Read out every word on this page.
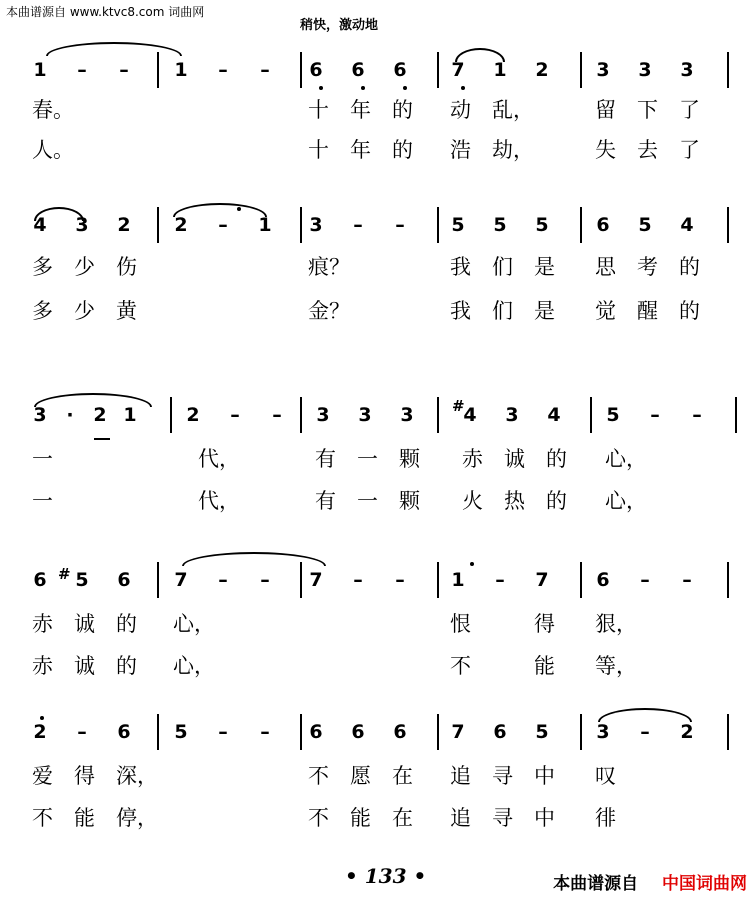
本曲谱源自 www.ktvc8.com 词曲网
稍快，激动地
1 – – 1 – – 6 6 6 7 1 2	3 3 3
春。	十 年 的 动 乱，	留 下 了
人。	十 年 的 浩 劫，	失 去 了
4 3 2 2 – 1 3 – – 5 5 5	6 5 4
多 少 伤	痕？	我 们 是 思 考 的
多 少 黄	金？	我 们 是 觉 醒 的
3 · 2 1	2 – – 3 3 3	4 3 4 5 – –
一	代，	有 一 颗 赤 诚 的 心，
一	代，	有 一 颗 火 热 的 心，
6 5 6 7 – – 7 – – 1 – 7	6 – –
赤 诚 的 心，	恨	得 狠，
赤 诚 的 心，	不	能 等，
2 – 6 5 – – 6 6 6 7 6 5	3 – 2
爱 得 深，	不 愿 在 追 寻 中 叹
不 能 停，	不 能 在 追 寻 中 徘
#
#
• 133 •	本曲谱源自 中国词曲网
